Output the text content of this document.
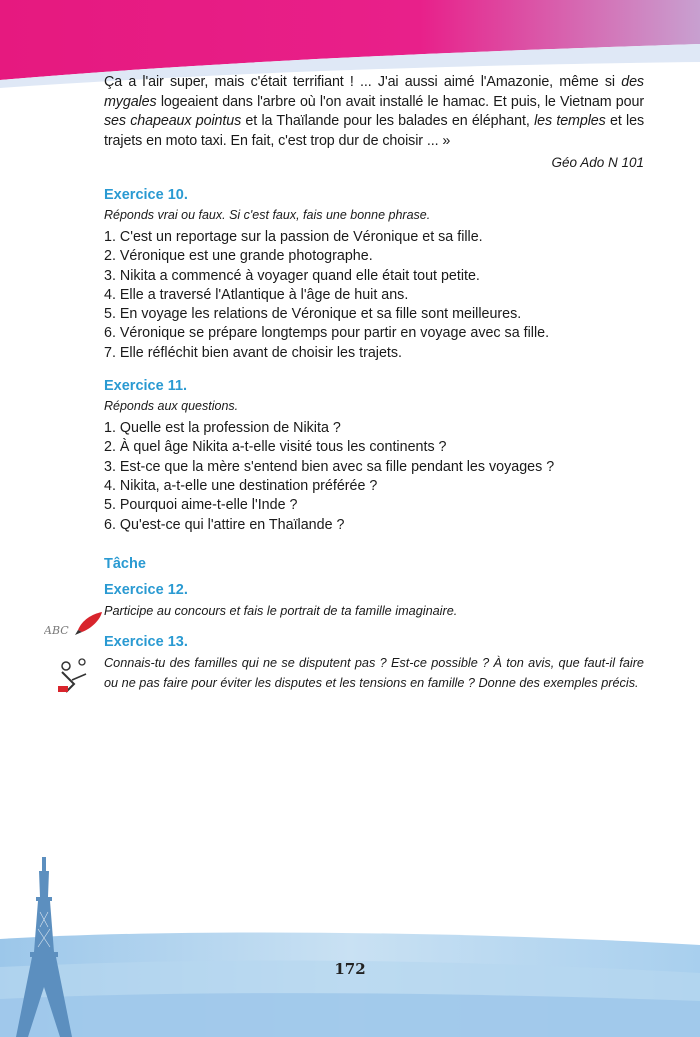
ABC

Ça a l'air super, mais c'était terrifiant ! ... J'ai aussi aimé l'Amazonie, même si des mygales logeaient dans l'arbre où l'on avait installé le hamac. Et puis, le Vietnam pour ses chapeaux pointus et la Thaïlande pour les balades en éléphant, les temples et les trajets en moto taxi. En fait, c'est trop dur de choisir ... »

Géo Ado N 101
Exercice 10.
Réponds vrai ou faux. Si c'est faux, fais une bonne phrase.
1. C'est un reportage sur la passion de Véronique et sa fille.
2. Véronique est une grande photographe.
3. Nikita a commencé à voyager quand elle était tout petite.
4. Elle a traversé l'Atlantique à l'âge de huit ans.
5. En voyage les relations de Véronique et sa fille sont meilleures.
6. Véronique se prépare longtemps pour partir en voyage avec sa fille.
7. Elle réfléchit bien avant de choisir les trajets.
Exercice 11.
Réponds aux questions.
1. Quelle est la profession de Nikita ?
2. À quel âge Nikita a-t-elle visité tous les continents ?
3. Est-ce que la mère s'entend bien avec sa fille pendant les voyages ?
4. Nikita, a-t-elle une destination préférée ?
5. Pourquoi aime-t-elle l'Inde ?
6. Qu'est-ce qui l'attire en Thaïlande ?
Tâche
Exercice 12.

Participe au concours et fais le portrait de ta famille imaginaire.

Exercice 13.

Connais-tu des familles qui ne se disputent pas ? Est-ce possible ? À ton avis, que faut-il faire ou ne pas faire pour éviter les disputes et les tensions en famille ? Donne des exemples précis.

172
